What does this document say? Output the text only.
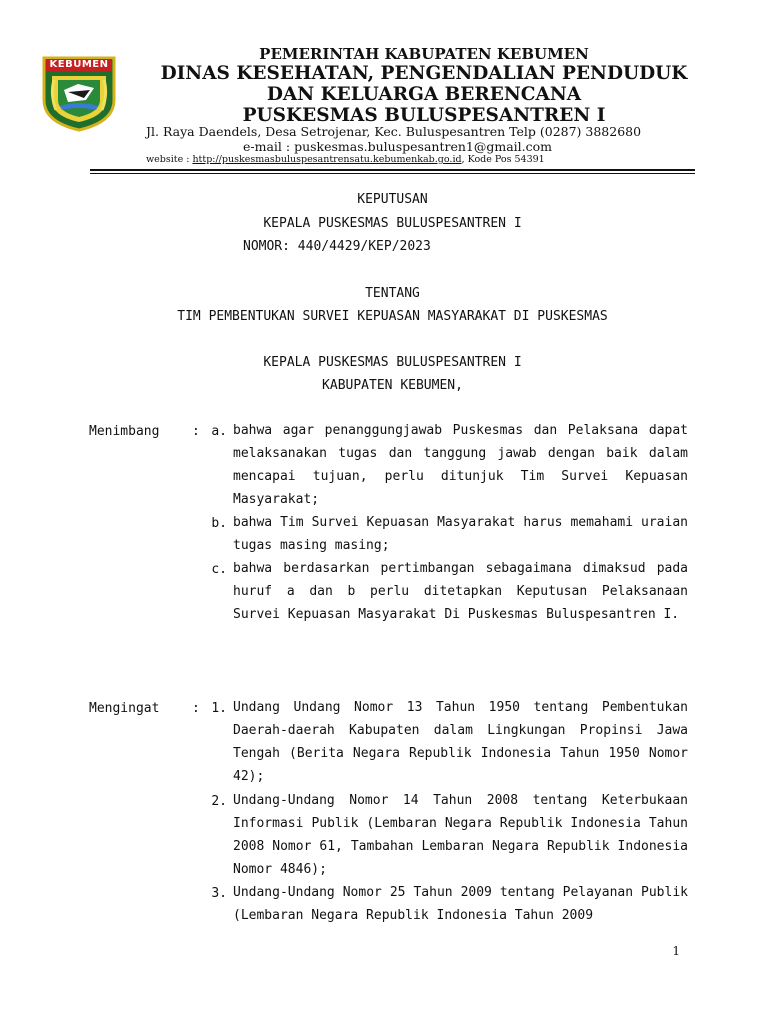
KEBUMEN
PEMERINTAH KABUPATEN KEBUMEN
DINAS KESEHATAN, PENGENDALIAN PENDUDUK
DAN KELUARGA BERENCANA
PUSKESMAS BULUSPESANTREN I
Jl. Raya Daendels, Desa Setrojenar, Kec. Buluspesantren Telp (0287) 3882680
e-mail : puskesmas.buluspesantren1@gmail.com
website : http://puskesmasbuluspesantrensatu.kebumenkab.go.id, Kode Pos 54391
KEPUTUSAN
KEPALA PUSKESMAS BULUSPESANTREN I
NOMOR: 440/4429/KEP/2023
TENTANG
TIM PEMBENTUKAN SURVEI KEPUASAN MASYARAKAT DI PUSKESMAS
KEPALA PUSKESMAS BULUSPESANTREN I
KABUPATEN KEBUMEN,
Menimbang	: a. bahwa agar penanggungjawab Puskesmas dan Pelaksana dapat melaksanakan tugas dan tanggung jawab dengan baik dalam mencapai tujuan, perlu ditunjuk Tim Survei Kepuasan Masyarakat;
b. bahwa Tim Survei Kepuasan Masyarakat harus memahami uraian tugas masing masing;
c. bahwa berdasarkan pertimbangan sebagaimana dimaksud pada huruf a dan b perlu ditetapkan Keputusan Pelaksanaan Survei Kepuasan Masyarakat Di Puskesmas Buluspesantren I.
Mengingat	: 1. Undang Undang Nomor 13 Tahun 1950 tentang Pembentukan Daerah-daerah Kabupaten dalam Lingkungan Propinsi Jawa Tengah (Berita Negara Republik Indonesia Tahun 1950 Nomor 42);
2. Undang-Undang Nomor 14 Tahun 2008 tentang Keterbukaan Informasi Publik (Lembaran Negara Republik Indonesia Tahun 2008 Nomor 61, Tambahan Lembaran Negara Republik Indonesia Nomor 4846);
3. Undang-Undang Nomor 25 Tahun 2009 tentang Pelayanan Publik (Lembaran Negara Republik Indonesia Tahun 2009
1
